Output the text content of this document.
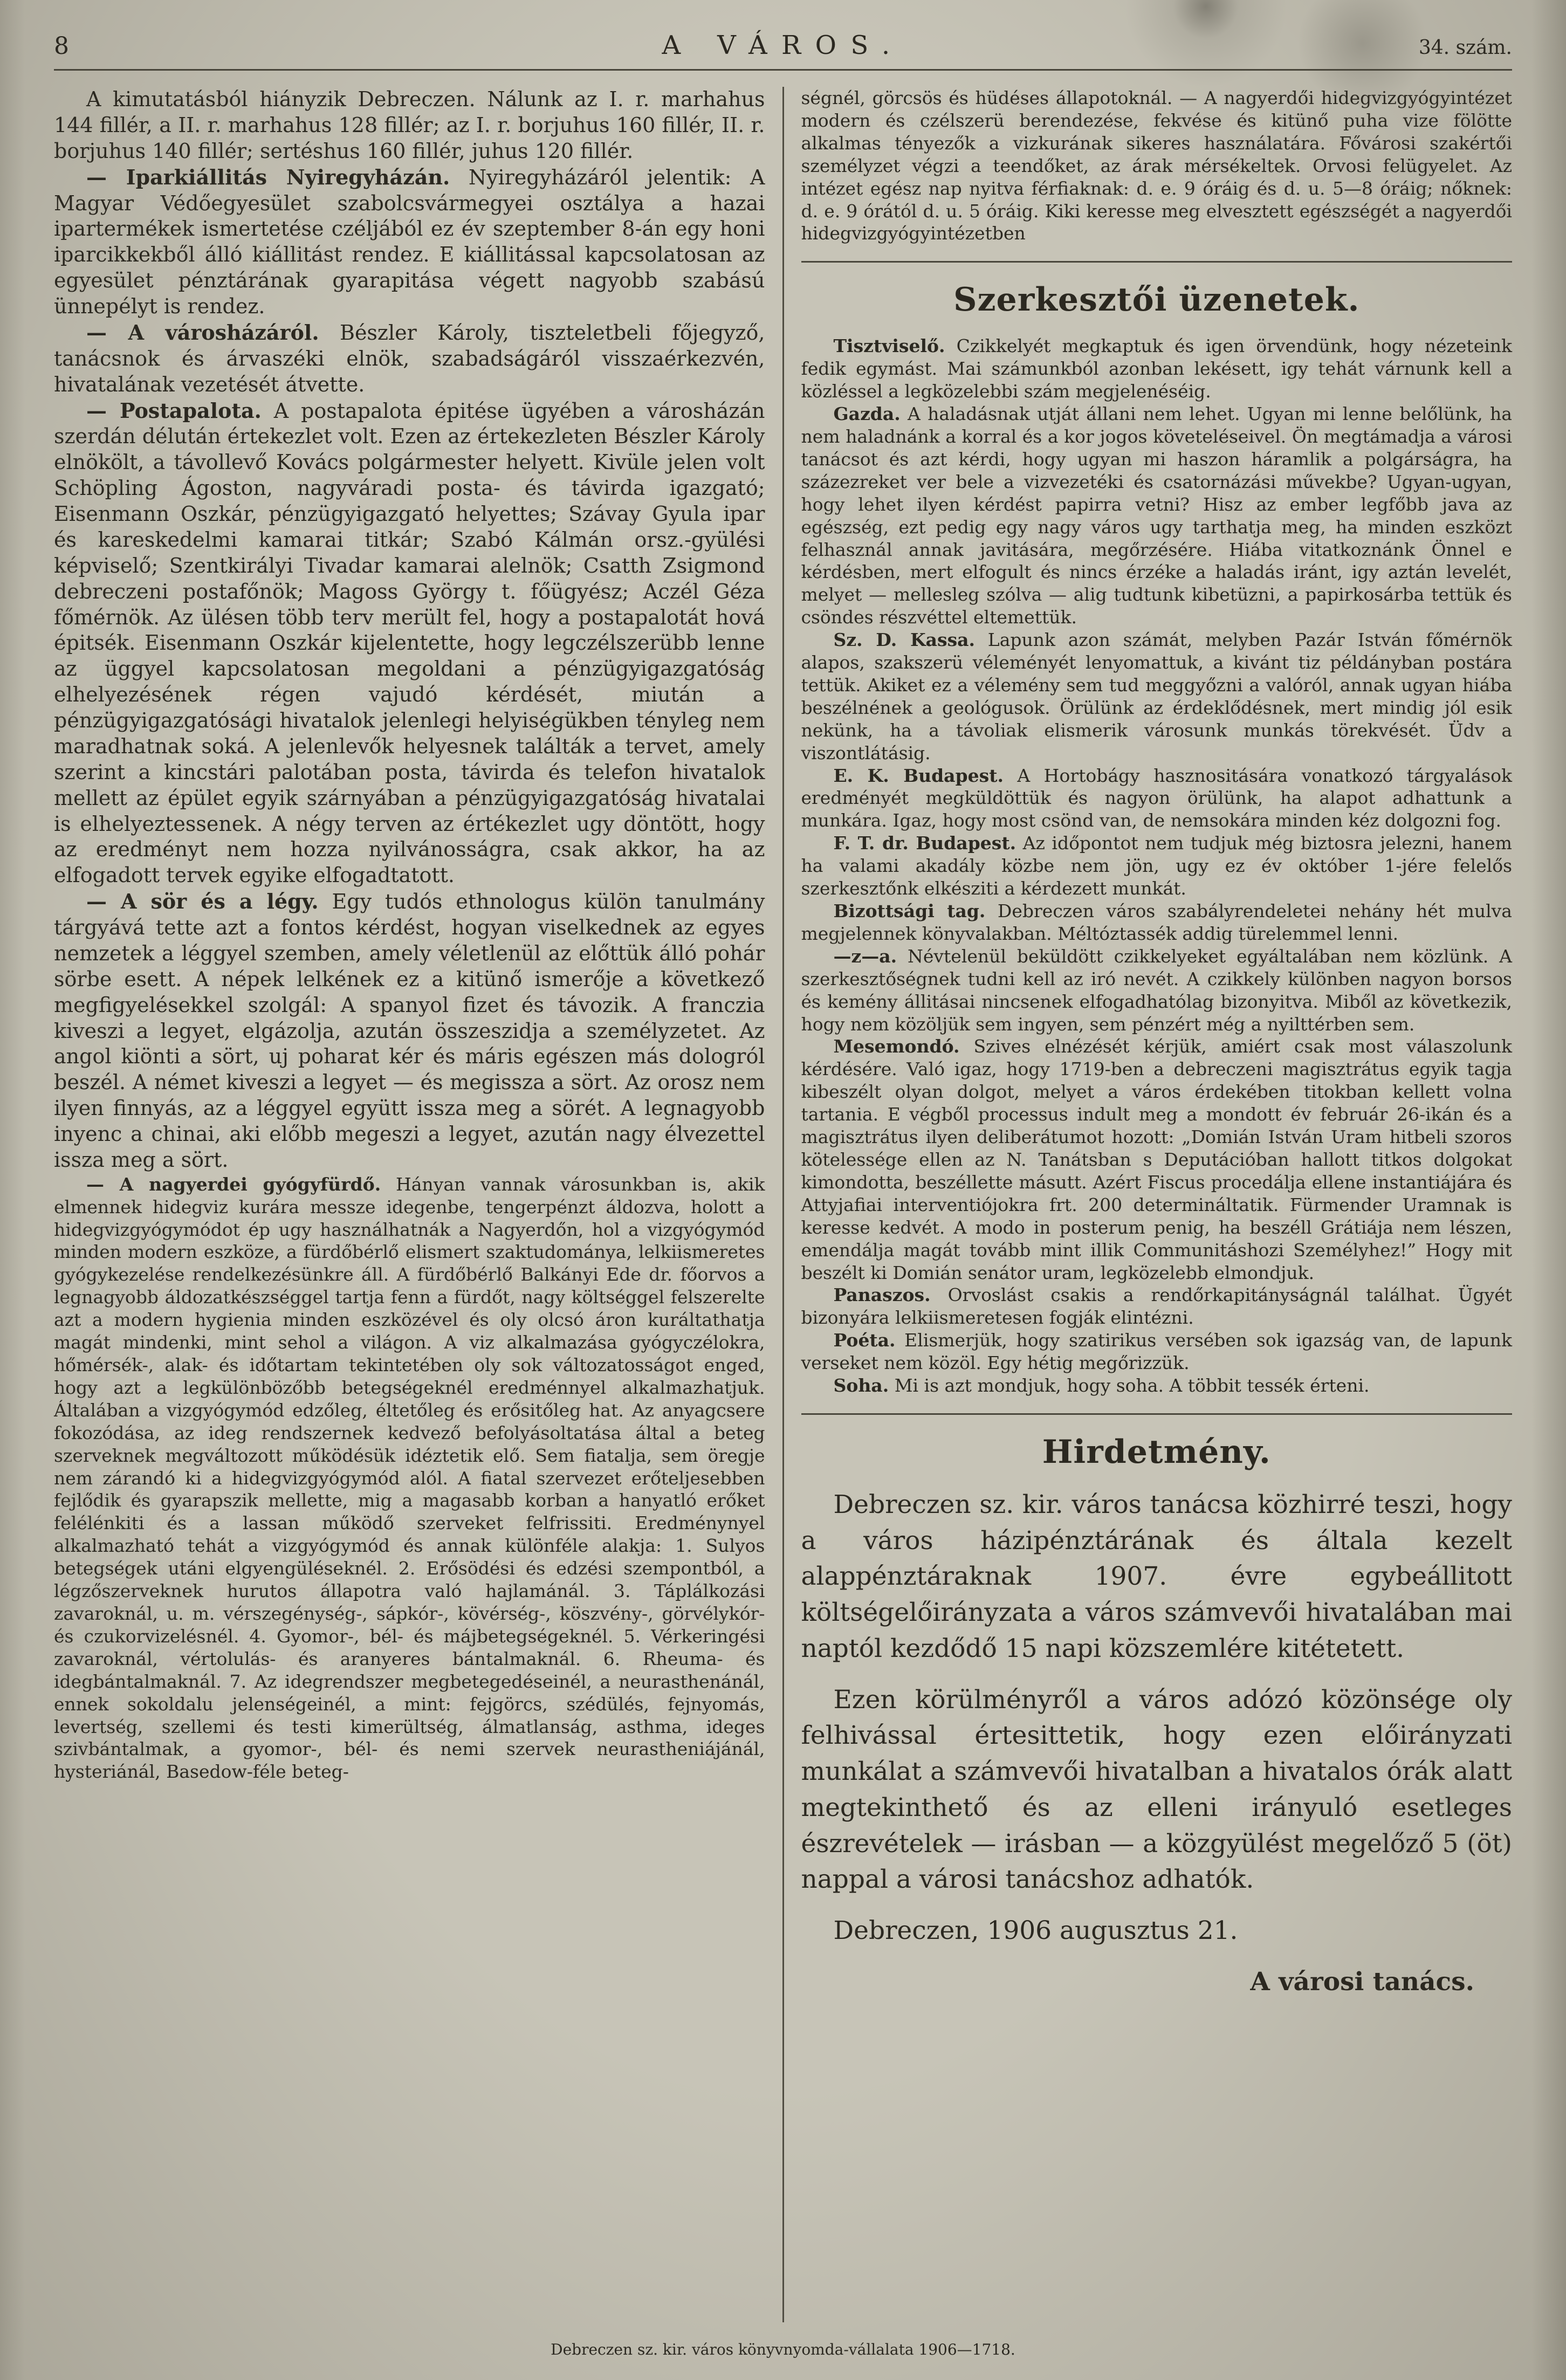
8	A VÁROS.	34. szám.

A kimutatásból hiányzik Debreczen. Nálunk az I. r. marhahus 144 fillér, a II. r. marhahus 128 fillér; az I. r. borjuhus 160 fillér, II. r. borjuhus 140 fillér; sertéshus 160 fillér, juhus 120 fillér.

— Iparkiállitás Nyiregyházán. Nyiregyházáról jelentik: A Magyar Védőegyesület szabolcsvármegyei osztálya a hazai ipartermékek ismertetése czéljából ez év szeptember 8-án egy honi iparcikkekből álló kiállitást rendez. E kiállitással kapcsolatosan az egyesület pénztárának gyarapitása végett nagyobb szabású ünnepélyt is rendez.

— A városházáról. Bészler Károly, tiszteletbeli főjegyző, tanácsnok és árvaszéki elnök, szabadságáról visszaérkezvén, hivatalának vezetését átvette.

— Postapalota. A postapalota épitése ügyében a városházán szerdán délután értekezlet volt. Ezen az értekezleten Bészler Károly elnökölt, a távollevő Kovács polgármester helyett. Kivüle jelen volt Schöpling Ágoston, nagyváradi posta- és távirda igazgató; Eisenmann Oszkár, pénzügyigazgató helyettes; Szávay Gyula ipar és kareskedelmi kamarai titkár; Szabó Kálmán orsz.-gyülési képviselő; Szentkirályi Tivadar kamarai alelnök; Csatth Zsigmond debreczeni postafőnök; Magoss György t. főügyész; Aczél Géza főmérnök. Az ülésen több terv merült fel, hogy a postapalotát hová épitsék. Eisenmann Oszkár kijelentette, hogy legczélszerübb lenne az üggyel kapcsolatosan megoldani a pénzügyigazgatóság elhelyezésének régen vajudó kérdését, miután a pénzügyigazgatósági hivatalok jelenlegi helyiségükben tényleg nem maradhatnak soká. A jelenlevők helyesnek találták a tervet, amely szerint a kincstári palotában posta, távirda és telefon hivatalok mellett az épület egyik szárnyában a pénzügyigazgatóság hivatalai is elhelyeztessenek. A négy terven az értékezlet ugy döntött, hogy az eredményt nem hozza nyilvánosságra, csak akkor, ha az elfogadott tervek egyike elfogadtatott.

— A sör és a légy. Egy tudós ethnologus külön tanulmány tárgyává tette azt a fontos kérdést, hogyan viselkednek az egyes nemzetek a léggyel szemben, amely véletlenül az előttük álló pohár sörbe esett. A népek lelkének ez a kitünő ismerője a következő megfigyelésekkel szolgál: A spanyol fizet és távozik. A franczia kiveszi a legyet, elgázolja, azután összeszidja a személyzetet. Az angol kiönti a sört, uj poharat kér és máris egészen más dologról beszél. A német kiveszi a legyet — és megissza a sört. Az orosz nem ilyen finnyás, az a léggyel együtt issza meg a sörét. A legnagyobb inyenc a chinai, aki előbb megeszi a legyet, azután nagy élvezettel issza meg a sört.

— A nagyerdei gyógyfürdő. Hányan vannak városunkban is, akik elmennek hidegviz kurára messze idegenbe, tengerpénzt áldozva, holott a hidegvizgyógymódot ép ugy használhatnák a Nagyerdőn, hol a vizgyógymód minden modern eszköze, a fürdőbérlő elismert szaktudománya, lelkiismeretes gyógykezelése rendelkezésünkre áll. A fürdőbérlő Balkányi Ede dr. főorvos a legnagyobb áldozatkészséggel tartja fenn a fürdőt, nagy költséggel felszerelte azt a modern hygienia minden eszközével és oly olcsó áron kuráltathatja magát mindenki, mint sehol a világon. A viz alkalmazása gyógyczélokra, hőmérsék-, alak- és időtartam tekintetében oly sok változatosságot enged, hogy azt a legkülönbözőbb betegségeknél eredménnyel alkalmazhatjuk. Általában a vizgyógymód edzőleg, éltetőleg és erősitőleg hat. Az anyagcsere fokozódása, az ideg rendszernek kedvező befolyásoltatása által a beteg szerveknek megváltozott működésük idéztetik elő. Sem fiatalja, sem öregje nem zárandó ki a hidegvizgyógymód alól. A fiatal szervezet erőteljesebben fejlődik és gyarapszik mellette, mig a magasabb korban a hanyatló erőket felélénkiti és a lassan működő szerveket felfrissiti. Eredménynyel alkalmazható tehát a vizgyógymód és annak különféle alakja: 1. Sulyos betegségek utáni elgyengüléseknél. 2. Erősödési és edzési szempontból, a légzőszerveknek hurutos állapotra való hajlamánál. 3. Táplálkozási zavaroknál, u. m. vérszegénység-, sápkór-, kövérség-, köszvény-, görvélykór- és czukorvizelésnél. 4. Gyomor-, bél- és májbetegségeknél. 5. Vérkeringési zavaroknál, vértolulás- és aranyeres bántalmaknál. 6. Rheuma- és idegbántalmaknál. 7. Az idegrendszer megbetegedéseinél, a neurasthenánál, ennek sokoldalu jelenségeinél, a mint: fejgörcs, szédülés, fejnyomás, levertség, szellemi és testi kimerültség, álmatlanság, asthma, ideges szivbántalmak, a gyomor-, bél- és nemi szervek neurastheniájánál, hysteriánál, Basedow-féle beteg-

ségnél, görcsös és hüdéses állapotoknál. — A nagyerdői hidegvizgyógyintézet modern és czélszerü berendezése, fekvése és kitünő puha vize fölötte alkalmas tényezők a vizkurának sikeres használatára. Fővárosi szakértői személyzet végzi a teendőket, az árak mérsékeltek. Orvosi felügyelet. Az intézet egész nap nyitva férfiaknak: d. e. 9 óráig és d. u. 5—8 óráig; nőknek: d. e. 9 órától d. u. 5 óráig. Kiki keresse meg elvesztett egészségét a nagyerdői hidegvizgyógyintézetben

Szerkesztői üzenetek.

Tisztviselő. Czikkelyét megkaptuk és igen örvendünk, hogy nézeteink fedik egymást. Mai számunkból azonban lekésett, igy tehát várnunk kell a közléssel a legközelebbi szám megjelenéséig.

Gazda. A haladásnak utját állani nem lehet. Ugyan mi lenne belőlünk, ha nem haladnánk a korral és a kor jogos követeléseivel. Ön megtámadja a városi tanácsot és azt kérdi, hogy ugyan mi haszon háramlik a polgárságra, ha százezreket ver bele a vizvezetéki és csatornázási művekbe? Ugyan-ugyan, hogy lehet ilyen kérdést papirra vetni? Hisz az ember legfőbb java az egészség, ezt pedig egy nagy város ugy tarthatja meg, ha minden eszközt felhasznál annak javitására, megőrzésére. Hiába vitatkoznánk Önnel e kérdésben, mert elfogult és nincs érzéke a haladás iránt, igy aztán levelét, melyet — mellesleg szólva — alig tudtunk kibetüzni, a papirkosárba tettük és csöndes részvéttel eltemettük.

Sz. D. Kassa. Lapunk azon számát, melyben Pazár István főmérnök alapos, szakszerü véleményét lenyomattuk, a kivánt tiz példányban postára tettük. Akiket ez a vélemény sem tud meggyőzni a valóról, annak ugyan hiába beszélnének a geológusok. Örülünk az érdeklődésnek, mert mindig jól esik nekünk, ha a távoliak elismerik városunk munkás törekvését. Üdv a viszontlátásig.

E. K. Budapest. A Hortobágy hasznositására vonatkozó tárgyalások eredményét megküldöttük és nagyon örülünk, ha alapot adhattunk a munkára. Igaz, hogy most csönd van, de nemsokára minden kéz dolgozni fog.

F. T. dr. Budapest. Az időpontot nem tudjuk még biztosra jelezni, hanem ha valami akadály közbe nem jön, ugy ez év október 1-jére felelős szerkesztőnk elkésziti a kérdezett munkát.

Bizottsági tag. Debreczen város szabályrendeletei nehány hét mulva megjelennek könyvalakban. Méltóztassék addig türelemmel lenni.

—z—a. Névtelenül beküldött czikkelyeket egyáltalában nem közlünk. A szerkesztőségnek tudni kell az iró nevét. A czikkely különben nagyon borsos és kemény állitásai nincsenek elfogadhatólag bizonyitva. Miből az következik, hogy nem közöljük sem ingyen, sem pénzért még a nyilttérben sem.

Mesemondó. Szives elnézését kérjük, amiért csak most válaszolunk kérdésére. Való igaz, hogy 1719-ben a debreczeni magisztrátus egyik tagja kibeszélt olyan dolgot, melyet a város érdekében titokban kellett volna tartania. E végből processus indult meg a mondott év február 26-ikán és a magisztrátus ilyen deliberátumot hozott: „Domián István Uram hitbeli szoros kötelessége ellen az N. Tanátsban s Deputációban hallott titkos dolgokat kimondotta, beszéllette másutt. Azért Fiscus procedálja ellene instantiájára és Attyjafiai interventiójokra frt. 200 determináltatik. Fürmender Uramnak is keresse kedvét. A modo in posterum penig, ha beszéll Grátiája nem lészen, emendálja magát tovább mint illik Communitáshozi Személyhez!” Hogy mit beszélt ki Domián senátor uram, legközelebb elmondjuk.

Panaszos. Orvoslást csakis a rendőrkapitányságnál találhat. Ügyét bizonyára lelkiismeretesen fogják elintézni.

Poéta. Elismerjük, hogy szatirikus versében sok igazság van, de lapunk verseket nem közöl. Egy hétig megőrizzük.

Soha. Mi is azt mondjuk, hogy soha. A többit tessék érteni.

Hirdetmény.

Debreczen sz. kir. város tanácsa közhirré teszi, hogy a város házipénztárának és általa kezelt alappénztáraknak 1907. évre egybeállitott költségelőirányzata a város számvevői hivatalában mai naptól kezdődő 15 napi közszemlére kitétetett.

Ezen körülményről a város adózó közönsége oly felhivással értesittetik, hogy ezen előirányzati munkálat a számvevői hivatalban a hivatalos órák alatt megtekinthető és az elleni irányuló esetleges észrevételek — irásban — a közgyülést megelőző 5 (öt) nappal a városi tanácshoz adhatók.

Debreczen, 1906 augusztus 21.

A városi tanács.

Debreczen sz. kir. város könyvnyomda-vállalata 1906—1718.
